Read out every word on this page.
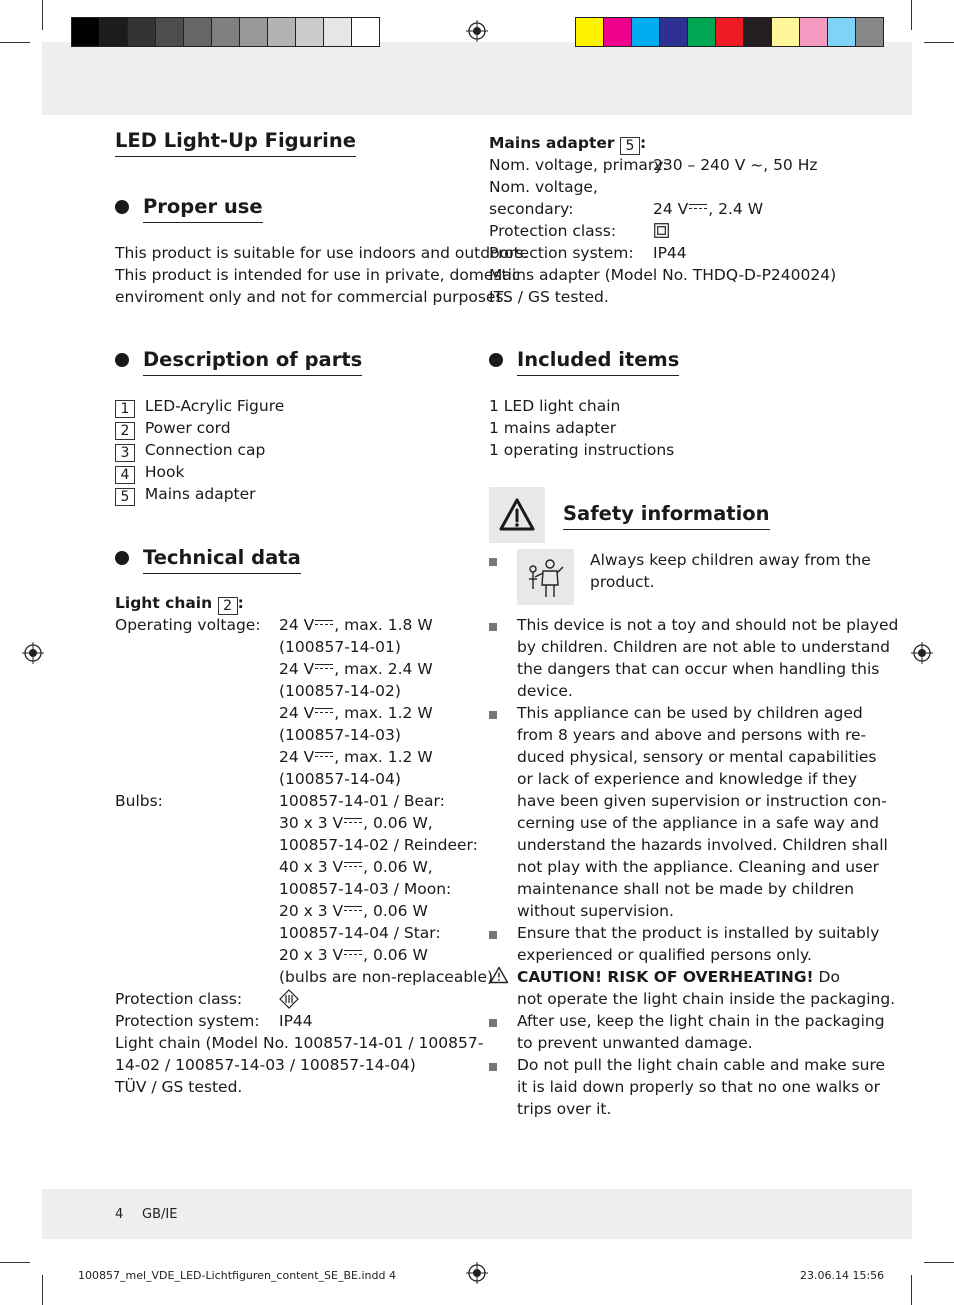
LED Light-Up Figurine
Proper use
This product is suitable for use indoors and outdoors.
This product is intended for use in private, domestic
enviroment only and not for commercial purposes.
Description of parts
1 LED-Acrylic Figure
2 Power cord
3 Connection cap
4 Hook
5 Mains adapter
Technical data
Light chain 2 :
Operating voltage: 24 V , max. 1.8 W
(100857-14-01)
24 V , max. 2.4 W
(100857-14-02)
24 V , max. 1.2 W
(100857-14-03)
24 V , max. 1.2 W
(100857-14-04)
Bulbs:	100857-14-01 / Bear:
30 x 3 V , 0.06 W,
100857-14-02 / Reindeer:
40 x 3 V , 0.06 W,
100857-14-03 / Moon:
20 x 3 V , 0.06 W
100857-14-04 / Star:
20 x 3 V , 0.06 W
(bulbs are non-replaceable)
Protection class:
Protection system: IP44
Light chain (Model No. 100857-14-01 / 100857-
14-02 / 100857-14-03 / 100857-14-04)
TÜV / GS tested.
Mains adapter 5 :
Nom. voltage, primary:
230 – 240 V ~, 50 Hz
Nom. voltage,
secondary:	24 V , 2.4 W
Protection class:
Protection system: IP44
Mains adapter (Model No. THDQ-D-P240024)
ITS / GS tested.
Included items
1 LED light chain
1 mains adapter
1 operating instructions
Safety information
Always keep children away from the
product.
This device is not a toy and should not be played
by children. Children are not able to understand
the dangers that can occur when handling this
device.
This appliance can be used by children aged
from 8 years and above and persons with re-
duced physical, sensory or mental capabilities
or lack of experience and knowledge if they
have been given supervision or instruction con-
cerning use of the appliance in a safe way and
understand the hazards involved. Children shall
not play with the appliance. Cleaning and user
maintenance shall not be made by children
without supervision.
Ensure that the product is installed by suitably
experienced or qualified persons only.
CAUTION! RISK OF OVERHEATING! Do
not operate the light chain inside the packaging.
After use, keep the light chain in the packaging
to prevent unwanted damage.
Do not pull the light chain cable and make sure
it is laid down properly so that no one walks or
trips over it.
4 GB/IE
100857_mel_VDE_LED-Lichtfiguren_content_SE_BE.indd 4	23.06.14 15:56
